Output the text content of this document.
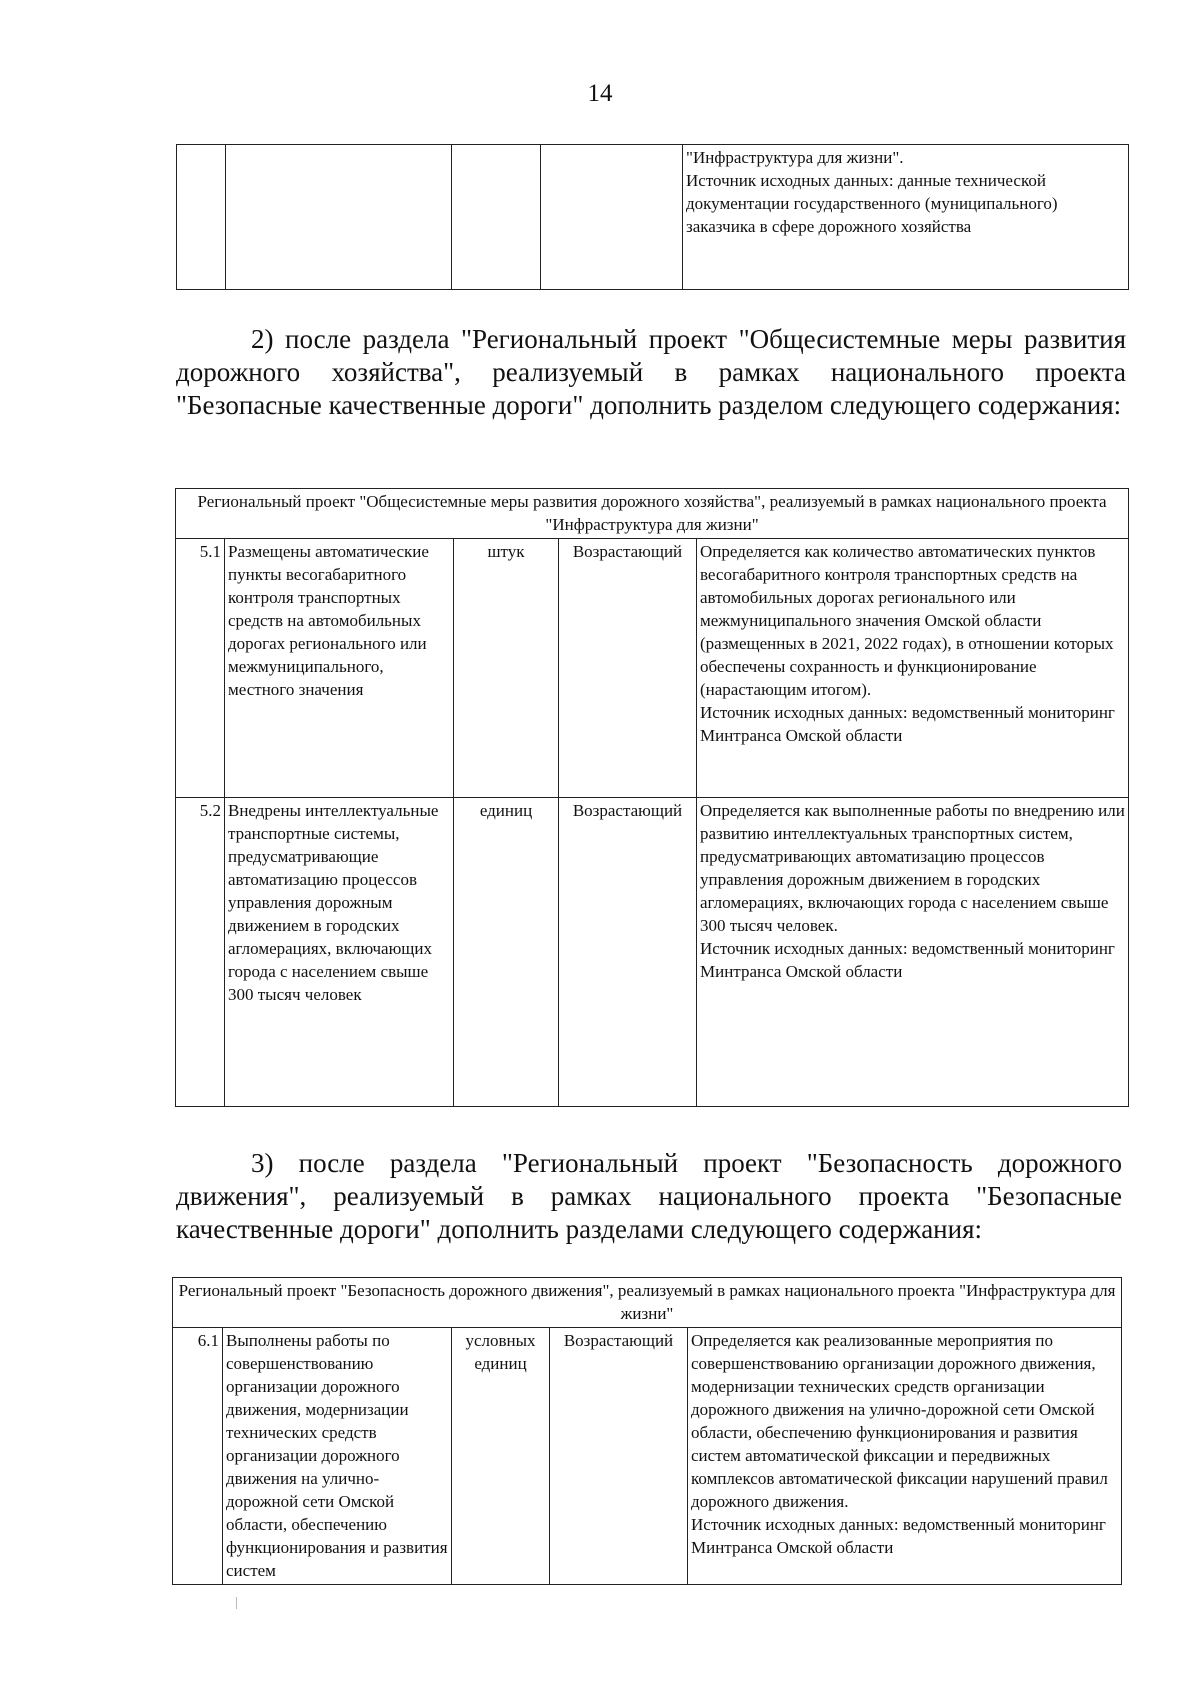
14
				"Инфраструктура для жизни".
Источник исходных данных: данные технической документации государственного (муниципального) заказчика в сфере дорожного хозяйства

2) после раздела "Региональный проект "Общесистемные меры развития дорожного хозяйства", реализуемый в рамках национального проекта "Безопасные качественные дороги" дополнить разделом следующего содержания:

Региональный проект "Общесистемные меры развития дорожного хозяйства", реализуемый в рамках национального проекта "Инфраструктура для жизни"				
5.1	Размещены автоматические пункты весогабаритного контроля транспортных средств на автомобильных дорогах регионального или межмуниципального, местного значения	штук	Возрастающий	Определяется как количество автоматических пунктов весогабаритного контроля транспортных средств на автомобильных дорогах регионального или межмуниципального значения Омской области (размещенных в 2021, 2022 годах), в отношении которых обеспечены сохранность и функционирование (нарастающим итогом).
Источник исходных данных: ведомственный мониторинг Минтранса Омской области
5.2	Внедрены интеллектуальные транспортные системы, предусматривающие автоматизацию процессов управления дорожным движением в городских агломерациях, включающих города с населением свыше 300 тысяч человек	единиц	Возрастающий	Определяется как выполненные работы по внедрению или развитию интеллектуальных транспортных систем, предусматривающих автоматизацию процессов управления дорожным движением в городских агломерациях, включающих города с населением свыше 300 тысяч человек.
Источник исходных данных: ведомственный мониторинг Минтранса Омской области

3) после раздела "Региональный проект "Безопасность дорожного движения", реализуемый в рамках национального проекта "Безопасные качественные дороги" дополнить разделами следующего содержания:

Региональный проект "Безопасность дорожного движения", реализуемый в рамках национального проекта "Инфраструктура для жизни"
6.1	Выполнены работы по совершенствованию организации дорожного движения, модернизации технических средств организации дорожного движения на улично-дорожной сети Омской области, обеспечению функционирования и развития систем	условных единиц	Возрастающий	Определяется как реализованные мероприятия по совершенствованию организации дорожного движения, модернизации технических средств организации дорожного движения на улично-дорожной сети Омской области, обеспечению функционирования и развития систем автоматической фиксации и передвижных комплексов автоматической фиксации нарушений правил дорожного движения.
Источник исходных данных: ведомственный мониторинг Минтранса Омской области
